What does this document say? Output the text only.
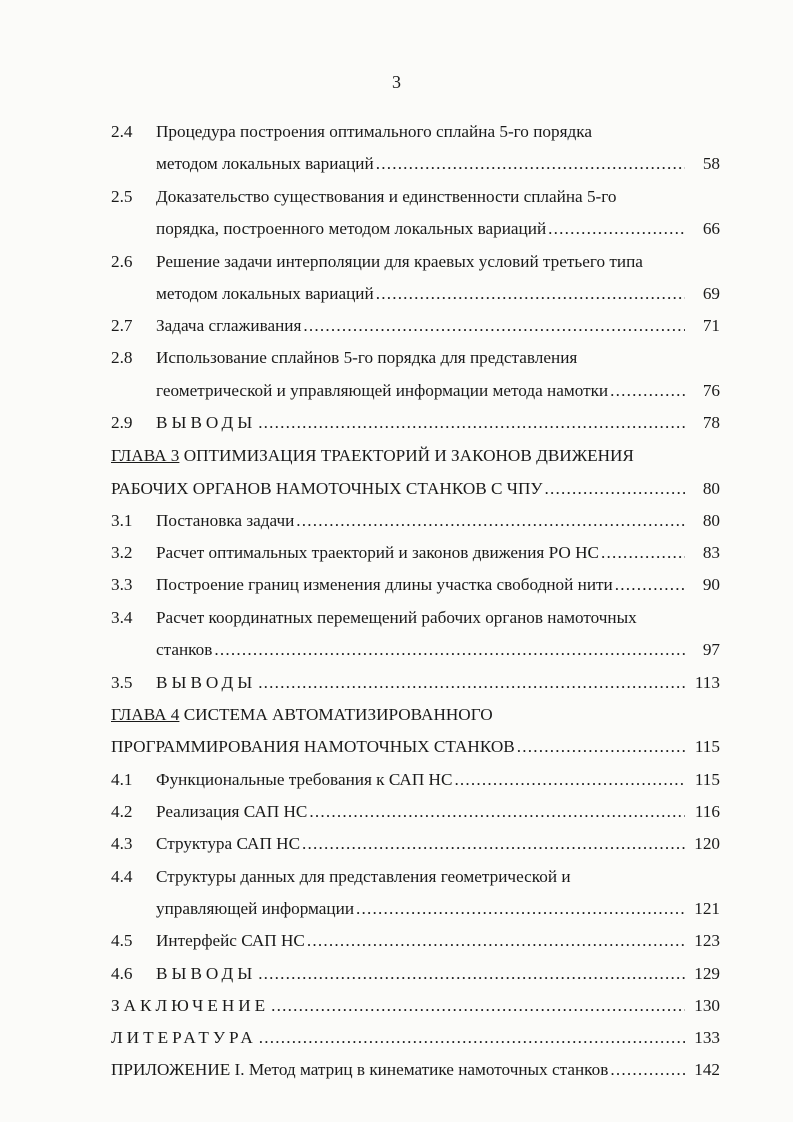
3
2.4 Процедура построения оптимального сплайна 5-го порядка
методом локальных вариаций .....	58
2.5 Доказательство существования и единственности сплайна 5-го
порядка, построенного методом локальных вариаций .....	66
2.6 Решение задачи интерполяции для краевых условий третьего типа
методом локальных вариаций .....	69
2.7 Задача сглаживания .....	71
2.8 Использование сплайнов 5-го порядка для представления
геометрической и управляющей информации метода намотки .....	76
2.9 ВЫВОДЫ .....	78
ГЛАВА 3 ОПТИМИЗАЦИЯ ТРАЕКТОРИЙ И ЗАКОНОВ ДВИЖЕНИЯ
РАБОЧИХ ОРГАНОВ НАМОТОЧНЫХ СТАНКОВ С ЧПУ .....	80
3.1 Постановка задачи .....	80
3.2 Расчет оптимальных траекторий и законов движения РО НС .....	83
3.3 Построение границ изменения длины участка свободной нити .....	90
3.4 Расчет координатных перемещений рабочих органов намоточных
станков .....	97
3.5 ВЫВОДЫ .....	113
ГЛАВА 4 СИСТЕМА АВТОМАТИЗИРОВАННОГО
ПРОГРАММИРОВАНИЯ НАМОТОЧНЫХ СТАНКОВ .....	115
4.1 Функциональные требования к САП НС .....	115
4.2 Реализация САП НС .....	116
4.3 Структура САП НС .....	120
4.4 Структуры данных для представления геометрической и
управляющей информации .....	121
4.5 Интерфейс САП НС .....	123
4.6 ВЫВОДЫ .....	129
ЗАКЛЮЧЕНИЕ .....	130
ЛИТЕРАТУРА .....	133
ПРИЛОЖЕНИЕ I. Метод матриц в кинематике намоточных станков .....	142
